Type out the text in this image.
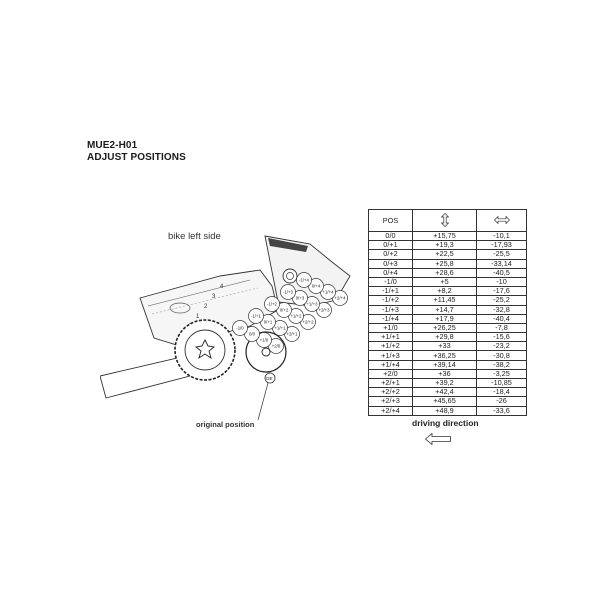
MUE2-H01
ADJUST POSITIONS
bike left side
4
3
2
1
OE
+2/0
+2/+1
+2/+2
+2/+3
+2/+4
+1/0
+1/+1
+1/+2
+1/+3
+1/+4
0/0
0/+1
0/+2
0/+3
0/+4
-1/0
-1/+1
-1/+2
-1/+3
-1/+4
original position
POS		
0/0	+15,75	-10,1
0/+1	+19,3	-17,93
0/+2	+22,5	-25,5
0/+3	+25,8	-33,14
0/+4	+28,6	-40,5
-1/0	+5	-10
-1/+1	+8,2	-17,6
-1/+2	+11,45	-25,2
-1/+3	+14,7	-32,8
-1/+4	+17,9	-40,4
+1/0	+26,25	-7,8
+1/+1	+29,8	-15,6
+1/+2	+33	-23,2
+1/+3	+36,25	-30,8
+1/+4	+39,14	-38,2
+2/0	+36	-3,25
+2/+1	+39,2	-10,85
+2/+2	+42,4	-18,4
+2/+3	+45,65	-26
+2/+4	+48,9	-33,6
driving direction
